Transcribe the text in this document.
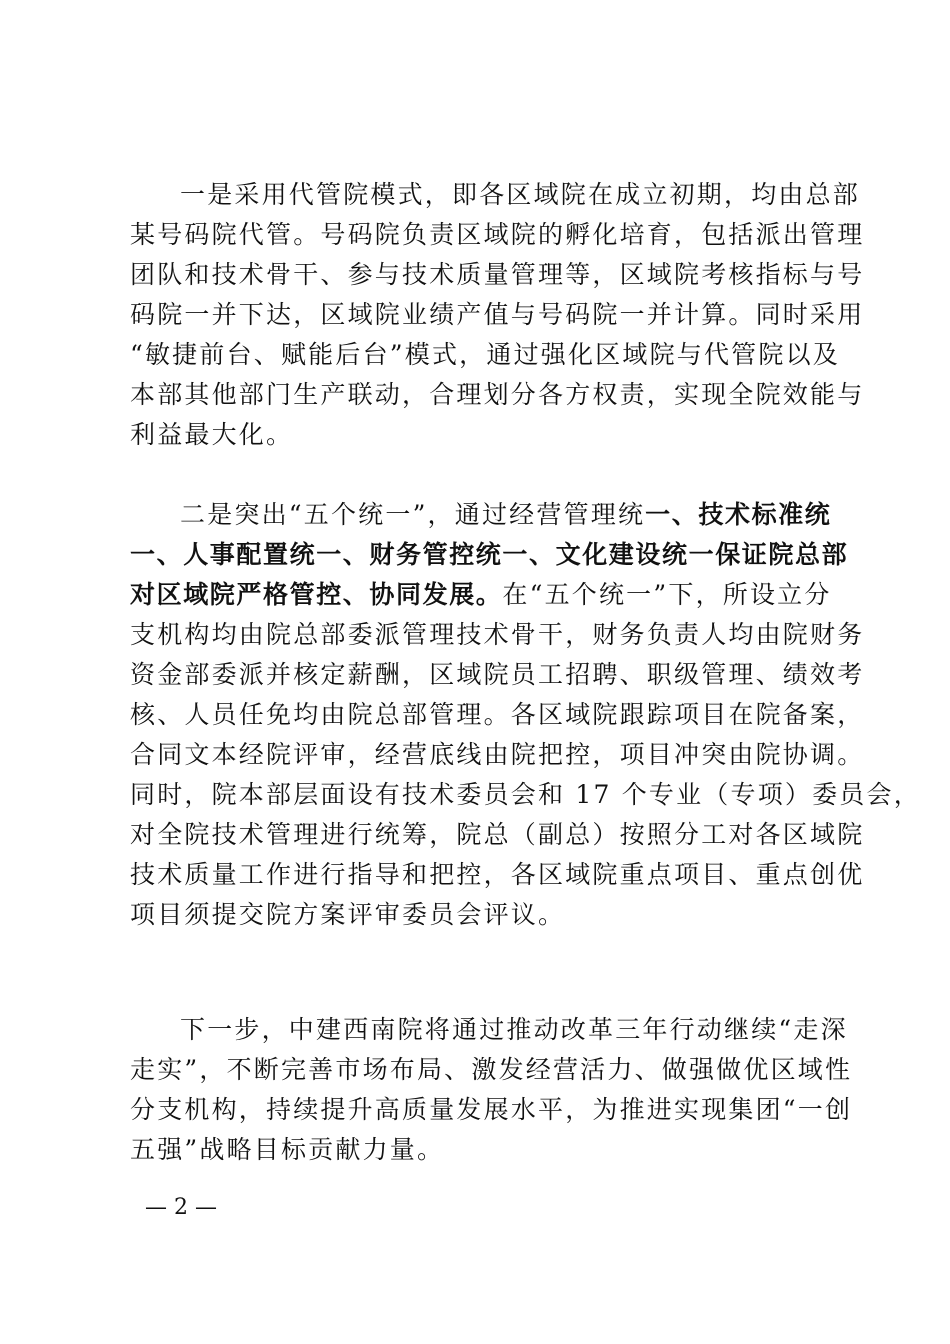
一是采用代管院模式，即各区域院在成立初期，均由总部
某号码院代管。号码院负责区域院的孵化培育，包括派出管理
团队和技术骨干、参与技术质量管理等，区域院考核指标与号
码院一并下达，区域院业绩产值与号码院一并计算。同时采用
“敏捷前台、赋能后台”模式，通过强化区域院与代管院以及
本部其他部门生产联动，合理划分各方权责，实现全院效能与
利益最大化。
二是突出“五个统一”，通过经营管理统一、技术标准统
一、人事配置统一、财务管控统一、文化建设统一保证院总部
对区域院严格管控、协同发展。在“五个统一”下，所设立分
支机构均由院总部委派管理技术骨干，财务负责人均由院财务
资金部委派并核定薪酬，区域院员工招聘、职级管理、绩效考
核、人员任免均由院总部管理。各区域院跟踪项目在院备案，
合同文本经院评审，经营底线由院把控，项目冲突由院协调。
同时，院本部层面设有技术委员会和 17 个专业（专项）委员会，
对全院技术管理进行统筹，院总（副总）按照分工对各区域院
技术质量工作进行指导和把控，各区域院重点项目、重点创优
项目须提交院方案评审委员会评议。
下一步，中建西南院将通过推动改革三年行动继续“走深
走实”，不断完善市场布局、激发经营活力、做强做优区域性
分支机构，持续提升高质量发展水平，为推进实现集团“一创
五强”战略目标贡献力量。
— 2 —
